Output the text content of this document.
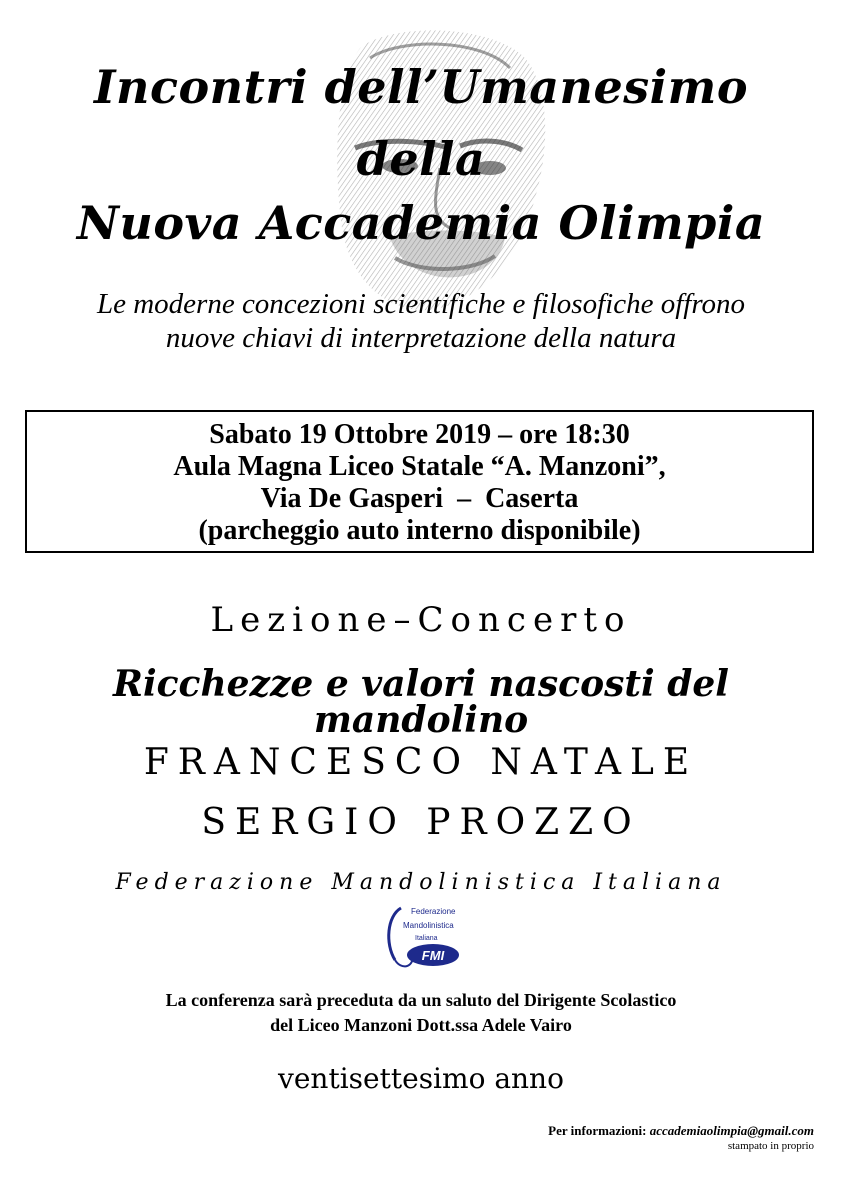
Incontri dell’Umanesimo
della
Nuova Accademia Olimpia
Le moderne concezioni scientifiche e filosofiche offrono
nuove chiavi di interpretazione della natura
Sabato 19 Ottobre 2019 – ore 18:30
Aula Magna Liceo Statale “A. Manzoni”,
Via De Gasperi  –  Caserta
(parcheggio auto interno disponibile)
Lezione–Concerto
Ricchezze e valori nascosti del mandolino
FRANCESCO NATALE
SERGIO PROZZO
Federazione Mandolinistica Italiana
Federazione
Mandolinistica
Italiana
FMI
La conferenza sarà preceduta da un saluto del Dirigente Scolastico
del Liceo Manzoni Dott.ssa Adele Vairo
ventisettesimo anno
Per informazioni: accademiaolimpia@gmail.com
stampato in proprio
